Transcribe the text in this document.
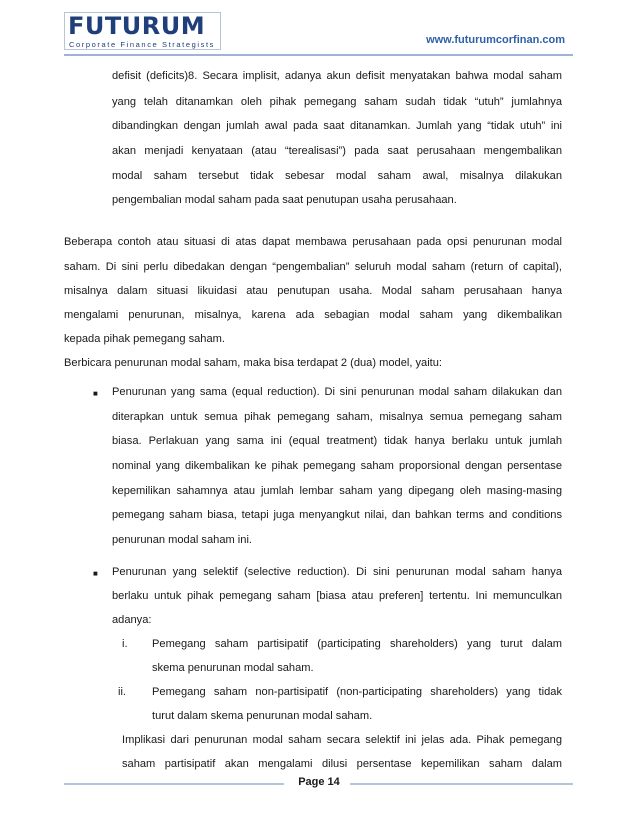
FUTURUM
Corporate Finance Strategists	www.futurumcorfinan.com
defisit (deficits)8. Secara implisit, adanya akun defisit menyatakan bahwa modal saham
yang telah ditanamkan oleh pihak pemegang saham sudah tidak “utuh” jumlahnya
dibandingkan dengan jumlah awal pada saat ditanamkan. Jumlah yang “tidak utuh” ini
akan menjadi kenyataan (atau “terealisasi”) pada saat perusahaan mengembalikan
modal saham tersebut tidak sebesar modal saham awal, misalnya dilakukan
pengembalian modal saham pada saat penutupan usaha perusahaan.
Beberapa contoh atau situasi di atas dapat membawa perusahaan pada opsi penurunan modal
saham. Di sini perlu dibedakan dengan “pengembalian” seluruh modal saham (return of capital),
misalnya dalam situasi likuidasi atau penutupan usaha. Modal saham perusahaan hanya
mengalami penurunan, misalnya, karena ada sebagian modal saham yang dikembalikan
kepada pihak pemegang saham.
Berbicara penurunan modal saham, maka bisa terdapat 2 (dua) model, yaitu:
■ Penurunan yang sama (equal reduction). Di sini penurunan modal saham dilakukan dan
diterapkan untuk semua pihak pemegang saham, misalnya semua pemegang saham
biasa. Perlakuan yang sama ini (equal treatment) tidak hanya berlaku untuk jumlah
nominal yang dikembalikan ke pihak pemegang saham proporsional dengan persentase
kepemilikan sahamnya atau jumlah lembar saham yang dipegang oleh masing-masing
pemegang saham biasa, tetapi juga menyangkut nilai, dan bahkan terms and conditions
penurunan modal saham ini.
■ Penurunan yang selektif (selective reduction). Di sini penurunan modal saham hanya
berlaku untuk pihak pemegang saham [biasa atau preferen] tertentu. Ini memunculkan
adanya:
i.	Pemegang saham partisipatif (participating shareholders) yang turut dalam
skema penurunan modal saham.
ii.	Pemegang saham non-partisipatif (non-participating shareholders) yang tidak
turut dalam skema penurunan modal saham.
Implikasi dari penurunan modal saham secara selektif ini jelas ada. Pihak pemegang
saham partisipatif akan mengalami dilusi persentase kepemilikan saham dalam
Page 14
